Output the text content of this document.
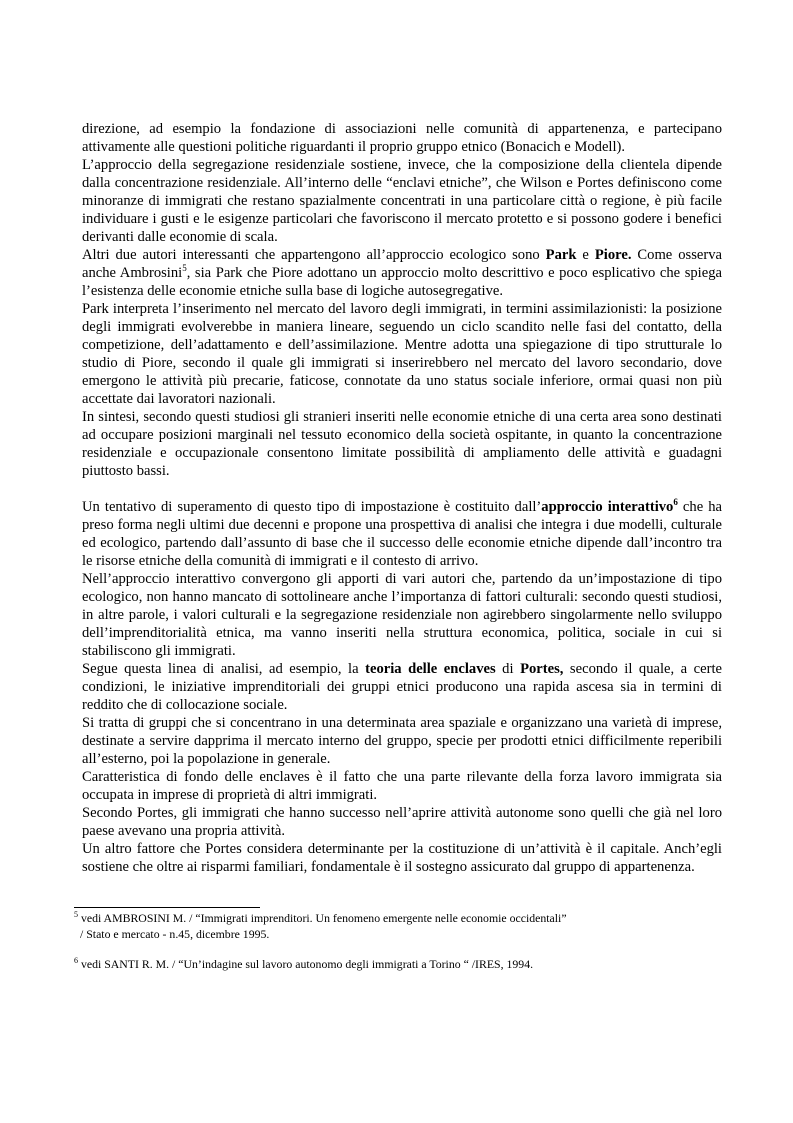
direzione, ad esempio la fondazione di associazioni nelle comunità di appartenenza, e partecipano attivamente alle questioni politiche riguardanti il proprio gruppo etnico (Bonacich e Modell).

L’approccio della segregazione residenziale sostiene, invece, che la composizione della clientela dipende dalla concentrazione residenziale. All’interno delle “enclavi etniche”, che Wilson e Portes definiscono come minoranze di immigrati che restano spazialmente concentrati in una particolare città o regione, è più facile individuare i gusti e le esigenze particolari che favoriscono il mercato protetto e si possono godere i benefici derivanti dalle economie di scala.

Altri due autori interessanti che appartengono all’approccio ecologico sono Park e Piore. Come osserva anche Ambrosini$^5$, sia Park che Piore adottano un approccio molto descrittivo e poco esplicativo che spiega l’esistenza delle economie etniche sulla base di logiche autosegregative.

Park interpreta l’inserimento nel mercato del lavoro degli immigrati, in termini assimilazionisti: la posizione degli immigrati evolverebbe in maniera lineare, seguendo un ciclo scandito nelle fasi del contatto, della competizione, dell’adattamento e dell’assimilazione. Mentre adotta una spiegazione di tipo strutturale lo studio di Piore, secondo il quale gli immigrati si inserirebbero nel mercato del lavoro secondario, dove emergono le attività più precarie, faticose, connotate da uno status sociale inferiore, ormai quasi non più accettate dai lavoratori nazionali.

In sintesi, secondo questi studiosi gli stranieri inseriti nelle economie etniche di una certa area sono destinati ad occupare posizioni marginali nel tessuto economico della società ospitante, in quanto la concentrazione residenziale e occupazionale consentono limitate possibilità di ampliamento delle attività e guadagni piuttosto bassi.

Un tentativo di superamento di questo tipo di impostazione è costituito dall’approccio interattivo$^6$ che ha preso forma negli ultimi due decenni e propone una prospettiva di analisi che integra i due modelli, culturale ed ecologico, partendo dall’assunto di base che il successo delle economie etniche dipende dall’incontro tra le risorse etniche della comunità di immigrati e il contesto di arrivo.

Nell’approccio interattivo convergono gli apporti di vari autori che, partendo da un’impostazione di tipo ecologico, non hanno mancato di sottolineare anche l’importanza di fattori culturali: secondo questi studiosi, in altre parole, i valori culturali e la segregazione residenziale non agirebbero singolarmente nello sviluppo dell’imprenditorialità etnica, ma vanno inseriti nella struttura economica, politica, sociale in cui si stabiliscono gli immigrati.

Segue questa linea di analisi, ad esempio, la teoria delle enclaves di Portes, secondo il quale, a certe condizioni, le iniziative imprenditoriali dei gruppi etnici producono una rapida ascesa sia in termini di reddito che di collocazione sociale.

Si tratta di gruppi che si concentrano in una determinata area spaziale e organizzano una varietà di imprese, destinate a servire dapprima il mercato interno del gruppo, specie per prodotti etnici difficilmente reperibili all’esterno, poi la popolazione in generale.

Caratteristica di fondo delle enclaves è il fatto che una parte rilevante della forza lavoro immigrata sia occupata in imprese di proprietà di altri immigrati.

Secondo Portes, gli immigrati che hanno successo nell’aprire attività autonome sono quelli che già nel loro paese avevano una propria attività.

Un altro fattore che Portes considera determinante per la costituzione di un’attività è il capitale. Anch’egli sostiene che oltre ai risparmi familiari, fondamentale è il sostegno assicurato dal gruppo di appartenenza.

$^5$ vedi AMBROSINI M. / “Immigrati imprenditori. Un fenomeno emergente nelle economie occidentali”

/ Stato e mercato - n.45, dicembre 1995.

$^6$ vedi SANTI R. M. / “Un’indagine sul lavoro autonomo degli immigrati a Torino “ /IRES, 1994.
